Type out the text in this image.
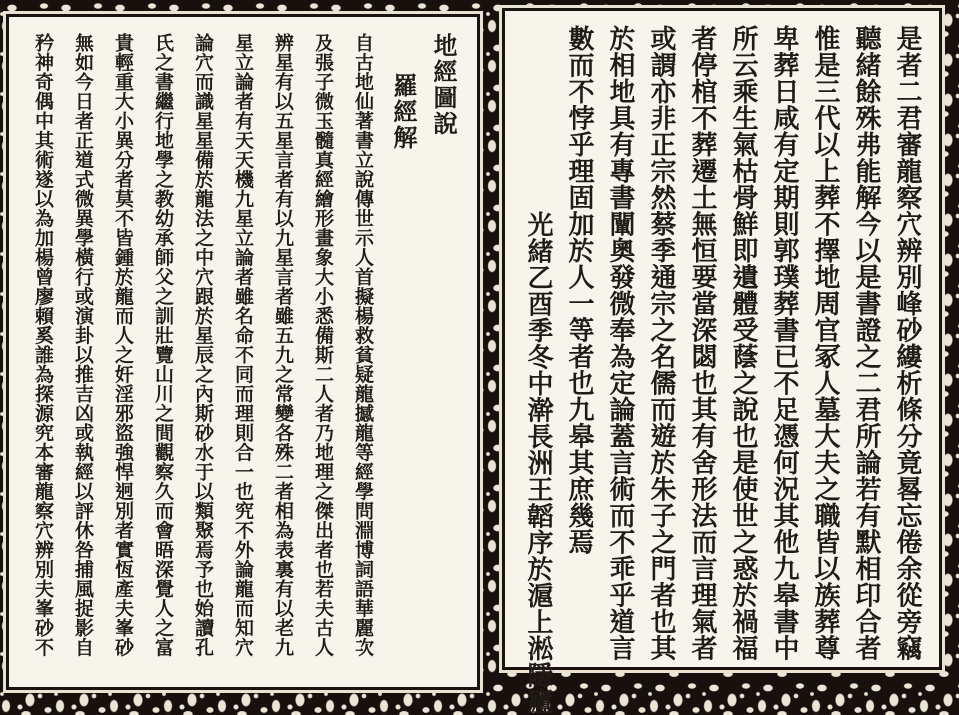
是者二君審龍察穴辨別峰砂縷析條分竟晷忘倦余從旁竊
聽緒餘殊弗能解今以是書證之二君所論若有默相印合者
惟是三代以上葬不擇地周官冢人墓大夫之職皆以族葬尊
卑葬日咸有定期則郭璞葬書已不足憑何況其他九皋書中
所云乘生氣枯骨鮮即遺體受蔭之說也是使世之惑於禍福
者停棺不葬遷土無恒要當深閟也其有舍形法而言理氣者
或謂亦非正宗然蔡季通宗之名儒而遊於朱子之門者也其
於相地具有專書闡奧發微奉為定論蓋言術而不乖乎道言
數而不悖乎理固加於人一等者也九皋其庶幾焉
光緒乙酉季冬中澣長洲王韜序於滬上淞隱廬
地經圖說
羅經解
自古地仙著書立說傳世示人首擬楊救貧疑龍撼龍等經學問淵博詞語華麗次
及張子微玉髓真經繪形畫象大小悉備斯二人者乃地理之傑出者也若夫古人
辨星有以五星言者有以九星言者雖五九之常變各殊二者相為表裏有以老九
星立論者有天天機九星立論者雖名命不同而理則合一也究不外論龍而知穴
論穴而識星星備於龍法之中穴跟於星辰之內斯砂水于以類聚焉予也始讀孔
氏之書繼行地學之教幼承師父之訓壯覽山川之間觀察久而會晤深覺人之富
貴輕重大小異分者莫不皆鍾於龍而人之奸淫邪盜強悍迥別者實恆產夫峯砂
無如今日者正道式微異學橫行或演卦以推吉凶或執經以評休咎捕風捉影自
矜神奇偶中其術遂以為加楊曾廖賴奚誰為探源究本審龍察穴辨別夫峯砂不
